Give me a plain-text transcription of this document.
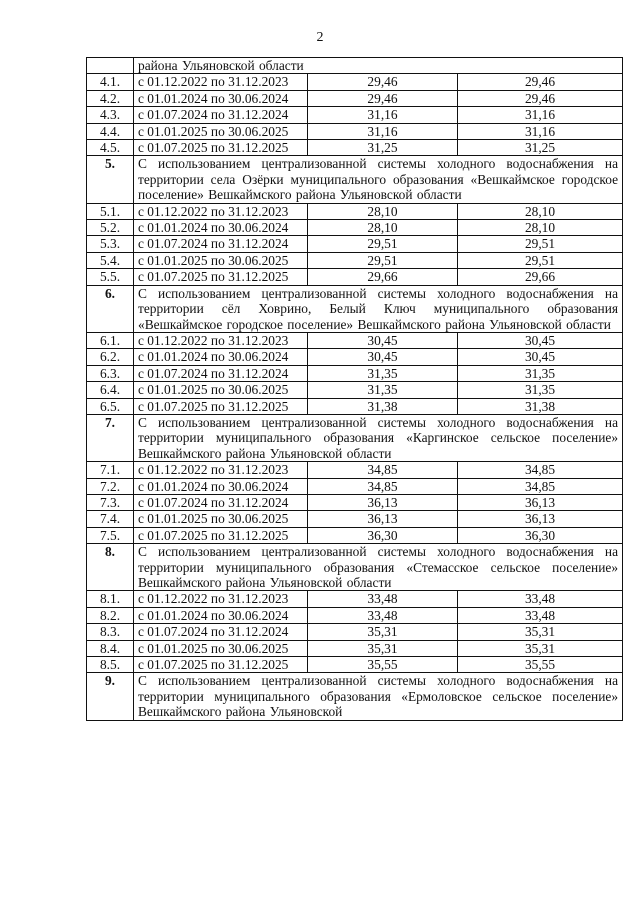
2
	района Ульяновской области		
4.1.	с 01.12.2022 по 31.12.2023	29,46	29,46
4.2.	с 01.01.2024 по 30.06.2024	29,46	29,46
4.3.	с 01.07.2024 по 31.12.2024	31,16	31,16
4.4.	с 01.01.2025 по 30.06.2025	31,16	31,16
4.5.	с 01.07.2025 по 31.12.2025	31,25	31,25
5.	С использованием централизованной системы холодного водоснабжения на территории села Озёрки муниципального образования «Вешкаймское городское поселение» Вешкаймского района Ульяновской области		
5.1.	с 01.12.2022 по 31.12.2023	28,10	28,10
5.2.	с 01.01.2024 по 30.06.2024	28,10	28,10
5.3.	с 01.07.2024 по 31.12.2024	29,51	29,51
5.4.	с 01.01.2025 по 30.06.2025	29,51	29,51
5.5.	с 01.07.2025 по 31.12.2025	29,66	29,66
6.	С использованием централизованной системы холодного водоснабжения на территории сёл Ховрино, Белый Ключ муниципального образования «Вешкаймское городское поселение» Вешкаймского района Ульяновской области		
6.1.	с 01.12.2022 по 31.12.2023	30,45	30,45
6.2.	с 01.01.2024 по 30.06.2024	30,45	30,45
6.3.	с 01.07.2024 по 31.12.2024	31,35	31,35
6.4.	с 01.01.2025 по 30.06.2025	31,35	31,35
6.5.	с 01.07.2025 по 31.12.2025	31,38	31,38
7.	С использованием централизованной системы холодного водоснабжения на территории муниципального образования «Каргинское сельское поселение» Вешкаймского района Ульяновской области		
7.1.	с 01.12.2022 по 31.12.2023	34,85	34,85
7.2.	с 01.01.2024 по 30.06.2024	34,85	34,85
7.3.	с 01.07.2024 по 31.12.2024	36,13	36,13
7.4.	с 01.01.2025 по 30.06.2025	36,13	36,13
7.5.	с 01.07.2025 по 31.12.2025	36,30	36,30
8.	С использованием централизованной системы холодного водоснабжения на территории муниципального образования «Стемасское сельское поселение» Вешкаймского района Ульяновской области		
8.1.	с 01.12.2022 по 31.12.2023	33,48	33,48
8.2.	с 01.01.2024 по 30.06.2024	33,48	33,48
8.3.	с 01.07.2024 по 31.12.2024	35,31	35,31
8.4.	с 01.01.2025 по 30.06.2025	35,31	35,31
8.5.	с 01.07.2025 по 31.12.2025	35,55	35,55
9.	С использованием централизованной системы холодного водоснабжения на территории муниципального образования «Ермоловское сельское поселение» Вешкаймского района Ульяновской		
